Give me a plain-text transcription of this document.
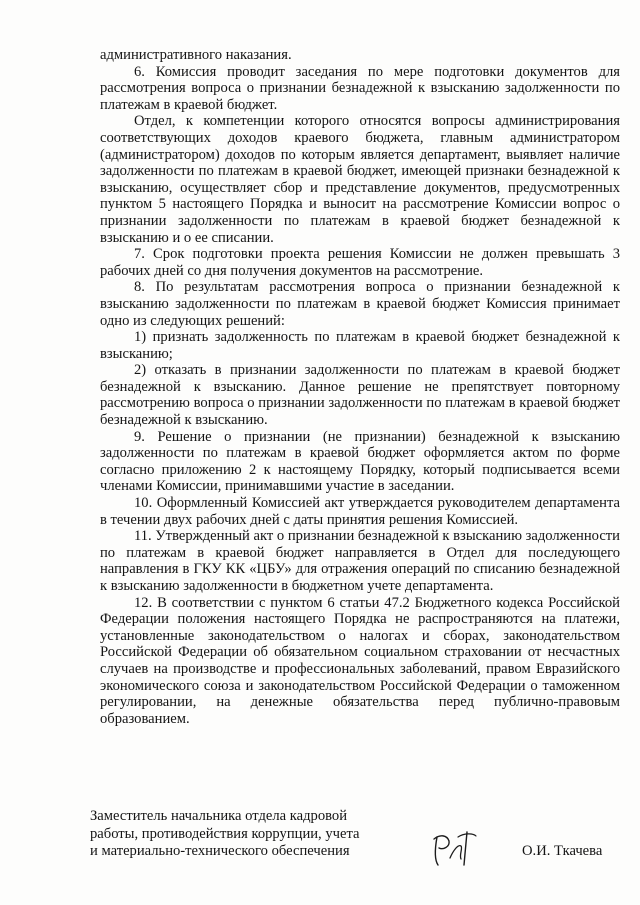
административного наказания.

6. Комиссия проводит заседания по мере подготовки документов для рассмотрения вопроса о признании безнадежной к взысканию задолженности по платежам в краевой бюджет.

Отдел, к компетенции которого относятся вопросы администрирования соответствующих доходов краевого бюджета, главным администратором (администратором) доходов по которым является департамент, выявляет наличие задолженности по платежам в краевой бюджет, имеющей признаки безнадежной к взысканию, осуществляет сбор и представление документов, предусмотренных пунктом 5 настоящего Порядка и выносит на рассмотрение Комиссии вопрос о признании задолженности по платежам в краевой бюджет безнадежной к взысканию и о ее списании.

7. Срок подготовки проекта решения Комиссии не должен превышать 3 рабочих дней со дня получения документов на рассмотрение.

8. По результатам рассмотрения вопроса о признании безнадежной к взысканию задолженности по платежам в краевой бюджет Комиссия принимает одно из следующих решений:

1) признать задолженность по платежам в краевой бюджет безнадежной к взысканию;

2) отказать в признании задолженности по платежам в краевой бюджет безнадежной к взысканию. Данное решение не препятствует повторному рассмотрению вопроса о признании задолженности по платежам в краевой бюджет безнадежной к взысканию.

9. Решение о признании (не признании) безнадежной к взысканию задолженности по платежам в краевой бюджет оформляется актом по форме согласно приложению 2 к настоящему Порядку, который подписывается всеми членами Комиссии, принимавшими участие в заседании.

10. Оформленный Комиссией акт утверждается руководителем департамента в течении двух рабочих дней с даты принятия решения Комиссией.

11. Утвержденный акт о признании безнадежной к взысканию задолженности по платежам в краевой бюджет направляется в Отдел для последующего направления в ГКУ КК «ЦБУ» для отражения операций по списанию безнадежной к взысканию задолженности в бюджетном учете департамента.

12. В соответствии с пунктом 6 статьи 47.2 Бюджетного кодекса Российской Федерации положения настоящего Порядка не распространяются на платежи, установленные законодательством о налогах и сборах, законодательством Российской Федерации об обязательном социальном страховании от несчастных случаев на производстве и профессиональных заболеваний, правом Евразийского экономического союза и законодательством Российской Федерации о таможенном регулировании, на денежные обязательства перед публично-правовым образованием.

Заместитель начальника отдела кадровой
работы, противодействия коррупции, учета
и материально-технического обеспечения	О.И. Ткачева
